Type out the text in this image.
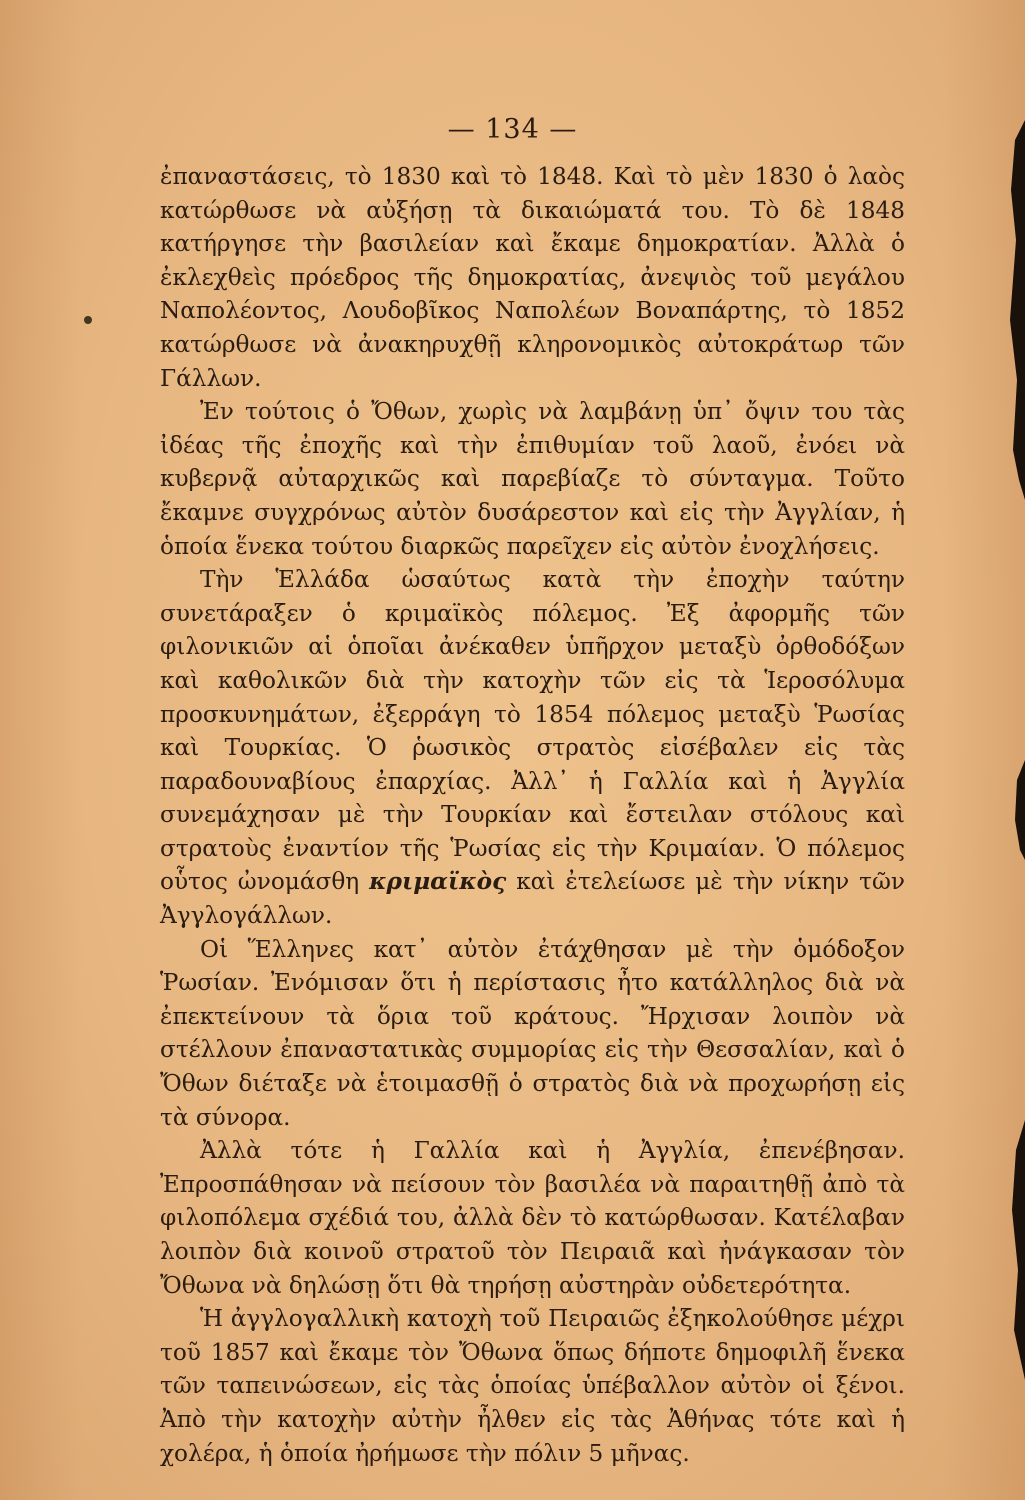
— 134 —

ἐπαναστάσεις, τὸ 1830 καὶ τὸ 1848. Καὶ τὸ μὲν 1830 ὁ λαὸς κατώρθωσε νὰ αὐξήσῃ τὰ δικαιώματά του. Τὸ δὲ 1848 κατήργησε τὴν βασιλείαν καὶ ἔκαμε δημοκρατίαν. Ἀλλὰ ὁ ἐκλεχθεὶς πρόεδρος τῆς δημοκρατίας, ἀνεψιὸς τοῦ μεγάλου Ναπολέοντος, Λουδοβῖκος Ναπολέων Βοναπάρτης, τὸ 1852 κατώρθωσε νὰ ἀνακηρυχθῇ κληρονομικὸς αὐτοκράτωρ τῶν Γάλλων.

Ἐν τούτοις ὁ Ὄθων, χωρὶς νὰ λαμβάνῃ ὑπ᾿ ὄψιν του τὰς ἰδέας τῆς ἐποχῆς καὶ τὴν ἐπιθυμίαν τοῦ λαοῦ, ἐνόει νὰ κυβερνᾷ αὐταρχικῶς καὶ παρεβίαζε τὸ σύνταγμα. Τοῦτο ἔκαμνε συγχρόνως αὐτὸν δυσάρεστον καὶ εἰς τὴν Ἀγγλίαν, ἡ ὁποία ἕνεκα τούτου διαρκῶς παρεῖχεν εἰς αὐτὸν ἐνοχλήσεις.

Τὴν Ἑλλάδα ὡσαύτως κατὰ τὴν ἐποχὴν ταύτην συνετάραξεν ὁ κριμαϊκὸς πόλεμος. Ἐξ ἀφορμῆς τῶν φιλονικιῶν αἱ ὁποῖαι ἀνέκαθεν ὑπῆρχον μεταξὺ ὀρθοδόξων καὶ καθολικῶν διὰ τὴν κατοχὴν τῶν εἰς τὰ Ἱεροσόλυμα προσκυνημάτων, ἐξερράγη τὸ 1854 πόλεμος μεταξὺ Ῥωσίας καὶ Τουρκίας. Ὁ ῥωσικὸς στρατὸς εἰσέβαλεν εἰς τὰς παραδουναβίους ἐπαρχίας. Ἀλλ᾿ ἡ Γαλλία καὶ ἡ Ἀγγλία συνεμάχησαν μὲ τὴν Τουρκίαν καὶ ἔστειλαν στόλους καὶ στρατοὺς ἐναντίον τῆς Ῥωσίας εἰς τὴν Κριμαίαν. Ὁ πόλεμος οὗτος ὠνομάσθη κριμαϊκὸς καὶ ἐτελείωσε μὲ τὴν νίκην τῶν Ἀγγλογάλλων.

Οἱ Ἕλληνες κατ᾿ αὐτὸν ἐτάχθησαν μὲ τὴν ὁμόδοξον Ῥωσίαν. Ἐνόμισαν ὅτι ἡ περίστασις ἦτο κατάλληλος διὰ νὰ ἐπεκτείνουν τὰ ὅρια τοῦ κράτους. Ἤρχισαν λοιπὸν νὰ στέλλουν ἐπαναστατικὰς συμμορίας εἰς τὴν Θεσσαλίαν, καὶ ὁ Ὄθων διέταξε νὰ ἑτοιμασθῇ ὁ στρατὸς διὰ νὰ προχωρήσῃ εἰς τὰ σύνορα.

Ἀλλὰ τότε ἡ Γαλλία καὶ ἡ Ἀγγλία, ἐπενέβησαν. Ἐπροσπάθησαν νὰ πείσουν τὸν βασιλέα νὰ παραιτηθῇ ἀπὸ τὰ φιλοπόλεμα σχέδιά του, ἀλλὰ δὲν τὸ κατώρθωσαν. Κατέλαβαν λοιπὸν διὰ κοινοῦ στρατοῦ τὸν Πειραιᾶ καὶ ἠνάγκασαν τὸν Ὄθωνα νὰ δηλώσῃ ὅτι θὰ τηρήσῃ αὐστηρὰν οὐδετερότητα.

Ἡ ἀγγλογαλλικὴ κατοχὴ τοῦ Πειραιῶς ἐξηκολούθησε μέχρι τοῦ 1857 καὶ ἔκαμε τὸν Ὄθωνα ὅπως δήποτε δημοφιλῆ ἕνεκα τῶν ταπεινώσεων, εἰς τὰς ὁποίας ὑπέβαλλον αὐτὸν οἱ ξένοι. Ἀπὸ τὴν κατοχὴν αὐτὴν ἦλθεν εἰς τὰς Ἀθήνας τότε καὶ ἡ χολέρα, ἡ ὁποία ἠρήμωσε τὴν πόλιν 5 μῆνας.
